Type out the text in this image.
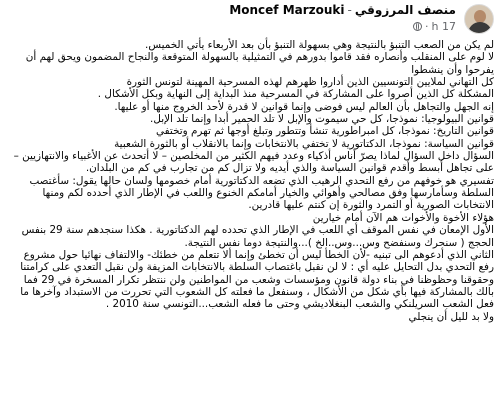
منصف المرزوقي-Moncef Marzouki
17 h·
لم يكن من الصعب التنبؤ بالنتيجة وهي بسهولة التنبؤ بأن بعد الأربعاء يأتي الخميس.
لا لوم على المنقلب وأنصاره فقد قاموا بدورهم في التمثيلية بالسهولة المتوقعة والنجاح المضمون ويحق لهم أن يفرحوا وأن ينشطوا
كل التهاني لملايين التونسيين الذين أداروا ظهرهم لهذه المسرحية المهينة لتونس الثورة
المشكلة كل الذين أصروا على المشاركة في المسرحية منذ البداية إلى النهاية وبكل الأشكال .
إنه الجهل والتجاهل بأن العالم ليس فوضى وإنما قوانين لا قدرة لأحد الخروج منها أو عليها.
قوانين البيولوجيا: نموذجا، كل حي سيموت والإبل لا تلد الحمير أبدا وإنما تلد الإبل.
قوانين التاريخ: نموذجا، كل امبراطورية تنشأ وتتطور وتبلغ أوجها ثم تهرم وتختفي
قوانين السياسة: نموذجا، الدكتاتورية لا تختفي بالانتخابات وإنما بالانقلاب أو بالثورة الشعبية
السؤال داخل السؤال لماذا يصرّ أناس أذكياء وعدد فيهم الكثير من المخلصين – لا أتحدث عن الأغبياء والانتهازيين – على تجاهل أبسط وأقدم قوانين السياسة والذي أيديه ولا تزال كم من تجارب في كم من البلدان.
تفسيري هو خوفهم من رفع التحدي الرهيب الذي تضعه الدكتاتورية أمام خصومها ولسان حالها يقول: سأغتصب السلطة وسأمارسها وفق مصالحي وأهوائي والخيار أمامكم الخنوع واللعب في الإطار الذي أحدده لكم ومنها الانتخابات الصورية أو التمرد والثورة إن كنتم عليها قادرين.
هؤلاء الأخوة والأخوات هم الآن أمام خيارين
الأول الإمعان في نفس الموقف أي اللعب في الإطار الذي تحدده لهم الدكتاتورية . هكذا سنجدهم سنة 29 بنفس الحجج ( سنحرك وسنفضح وس...وس..الخ )...والنتيجة دوما نفس النتيجة.
الثاني الذي أدعوهم الى تبنيه -لأن الخطأ ليس أن تخطئ وإنما ألا تتعلم من خطئك- والالتفاف نهائيا حول مشروع رفع التحدي بدل التحايل عليه أي : لا لن نقبل باغتصاب السلطة بالانتخابات المزيفة ولن نقبل التعدي على كرامتنا وحقوقنا وحظوظنا في بناء دولة قانون ومؤسسات وشعب من المواطنين ولن ننتظر تكرار المسخرة في 29 فما بالك بالمشاركة فيها بأي شكل من الأشكال ، وسنفعل ما فعلته كل الشعوب التي تحررت من الاستبداد وآخرها ما فعل الشعب السريلنكي والشعب البنغلاديشي وحتى ما فعله الشعب...التونسي سنة 2010 .
ولا بد لليل أن ينجلي
